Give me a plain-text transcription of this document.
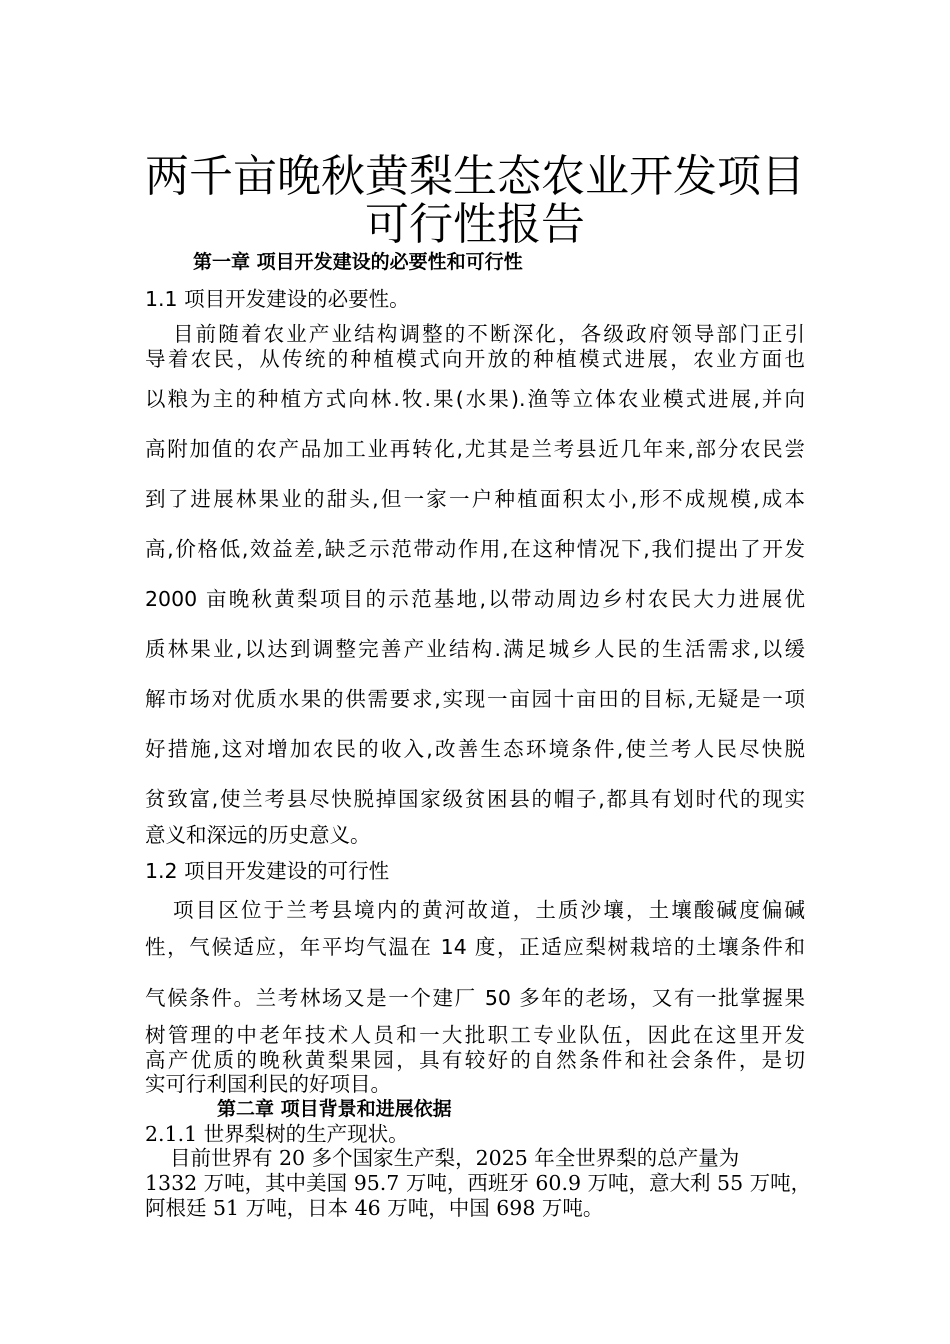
两千亩晚秋黄梨生态农业开发项目
可行性报告
第一章 项目开发建设的必要性和可行性
1.1 项目开发建设的必要性。
目前随着农业产业结构调整的不断深化，各级政府领导部门正引
导着农民，从传统的种植模式向开放的种植模式进展，农业方面也
以粮为主的种植方式向林.牧.果(水果).渔等立体农业模式进展,并向
高附加值的农产品加工业再转化,尤其是兰考县近几年来,部分农民尝
到了进展林果业的甜头,但一家一户种植面积太小,形不成规模,成本
高,价格低,效益差,缺乏示范带动作用,在这种情况下,我们提出了开发
2000 亩晚秋黄梨项目的示范基地,以带动周边乡村农民大力进展优
质林果业,以达到调整完善产业结构.满足城乡人民的生活需求,以缓
解市场对优质水果的供需要求,实现一亩园十亩田的目标,无疑是一项
好措施,这对增加农民的收入,改善生态环境条件,使兰考人民尽快脱
贫致富,使兰考县尽快脱掉国家级贫困县的帽子,都具有划时代的现实
意义和深远的历史意义。
1.2 项目开发建设的可行性
项目区位于兰考县境内的黄河故道，土质沙壤，土壤酸碱度偏碱
性，气候适应，年平均气温在 14 度，正适应梨树栽培的土壤条件和
气候条件。兰考林场又是一个建厂 50 多年的老场，又有一批掌握果
树管理的中老年技术人员和一大批职工专业队伍，因此在这里开发
高产优质的晚秋黄梨果园，具有较好的自然条件和社会条件，是切
实可行利国利民的好项目。
第二章 项目背景和进展依据
2.1.1 世界梨树的生产现状。
目前世界有 20 多个国家生产梨，2025 年全世界梨的总产量为
1332 万吨，其中美国 95.7 万吨，西班牙 60.9 万吨，意大利 55 万吨，
阿根廷 51 万吨，日本 46 万吨，中国 698 万吨。
